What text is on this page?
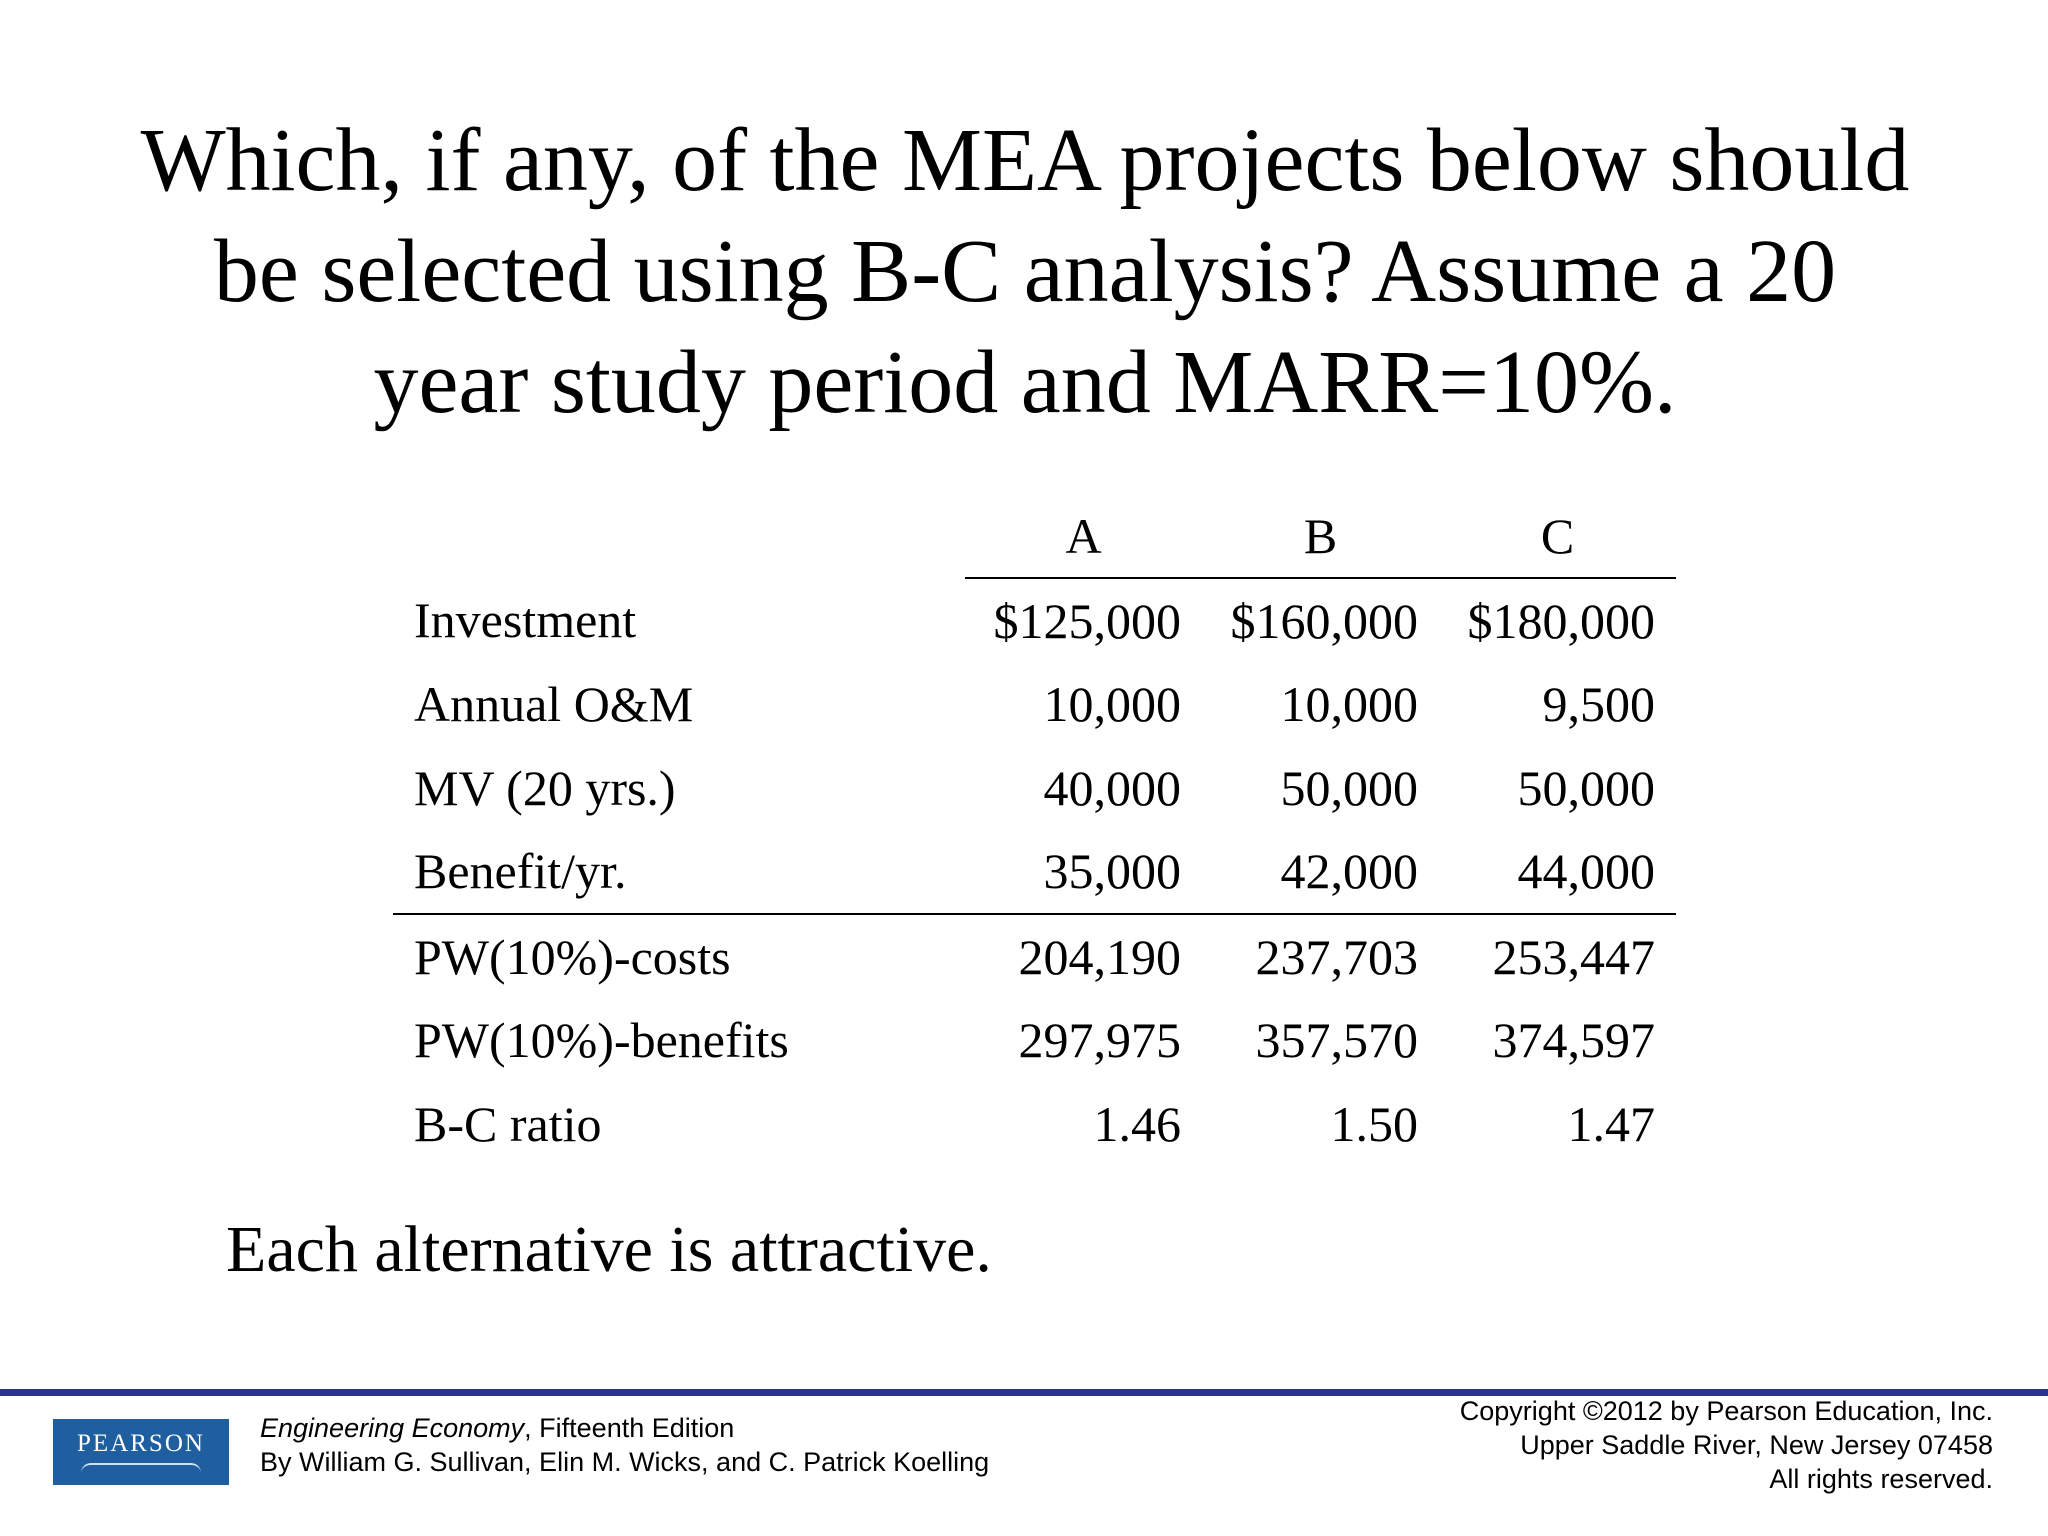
Which, if any, of the MEA projects below should
be selected using B-C analysis? Assume a 20
year study period and MARR=10%.
	A	B	C
Investment	$125,000	$160,000	$180,000
Annual O&M	10,000	10,000	9,500
MV (20 yrs.)	40,000	50,000	50,000
Benefit/yr.	35,000	42,000	44,000
PW(10%)-costs	204,190	237,703	253,447
PW(10%)-benefits	297,975	357,570	374,597
B-C ratio	1.46	1.50	1.47

Each alternative is attractive.

PEARSON
Engineering Economy, Fifteenth Edition
By William G. Sullivan, Elin M. Wicks, and C. Patrick Koelling
Copyright ©2012 by Pearson Education, Inc.
Upper Saddle River, New Jersey 07458
All rights reserved.
